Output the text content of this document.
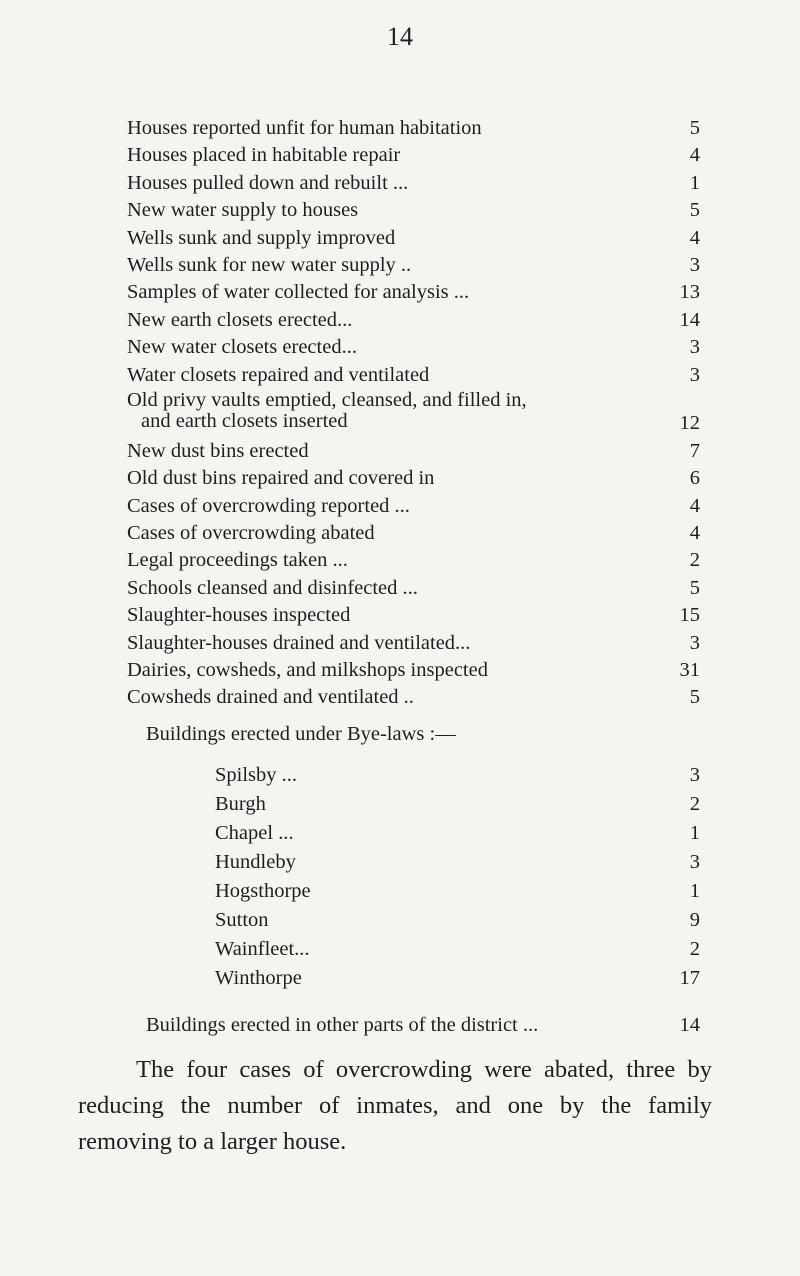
14
Houses reported unfit for human habitation	5
Houses placed in habitable repair	4
Houses pulled down and rebuilt ...	1
New water supply to houses	5
Wells sunk and supply improved	4
Wells sunk for new water supply ..	3
Samples of water collected for analysis ...	13
New earth closets erected...	14
New water closets erected...	3
Water closets repaired and ventilated	3
Old privy vaults emptied, cleansed, and filled in,
and earth closets inserted	12
New dust bins erected	7
Old dust bins repaired and covered in	6
Cases of overcrowding reported ...	4
Cases of overcrowding abated	4
Legal proceedings taken ...	2
Schools cleansed and disinfected ...	5
Slaughter-houses inspected	15
Slaughter-houses drained and ventilated...	3
Dairies, cowsheds, and milkshops inspected	31
Cowsheds drained and ventilated ..	5
Buildings erected under Bye-laws :—
Spilsby ...	3
Burgh	2
Chapel ...	1
Hundleby	3
Hogsthorpe	1
Sutton	9
Wainfleet...	2
Winthorpe	17
Buildings erected in other parts of the district ...	14
The four cases of overcrowding were abated, three by reducing the number of inmates, and one by the family removing to a larger house.
